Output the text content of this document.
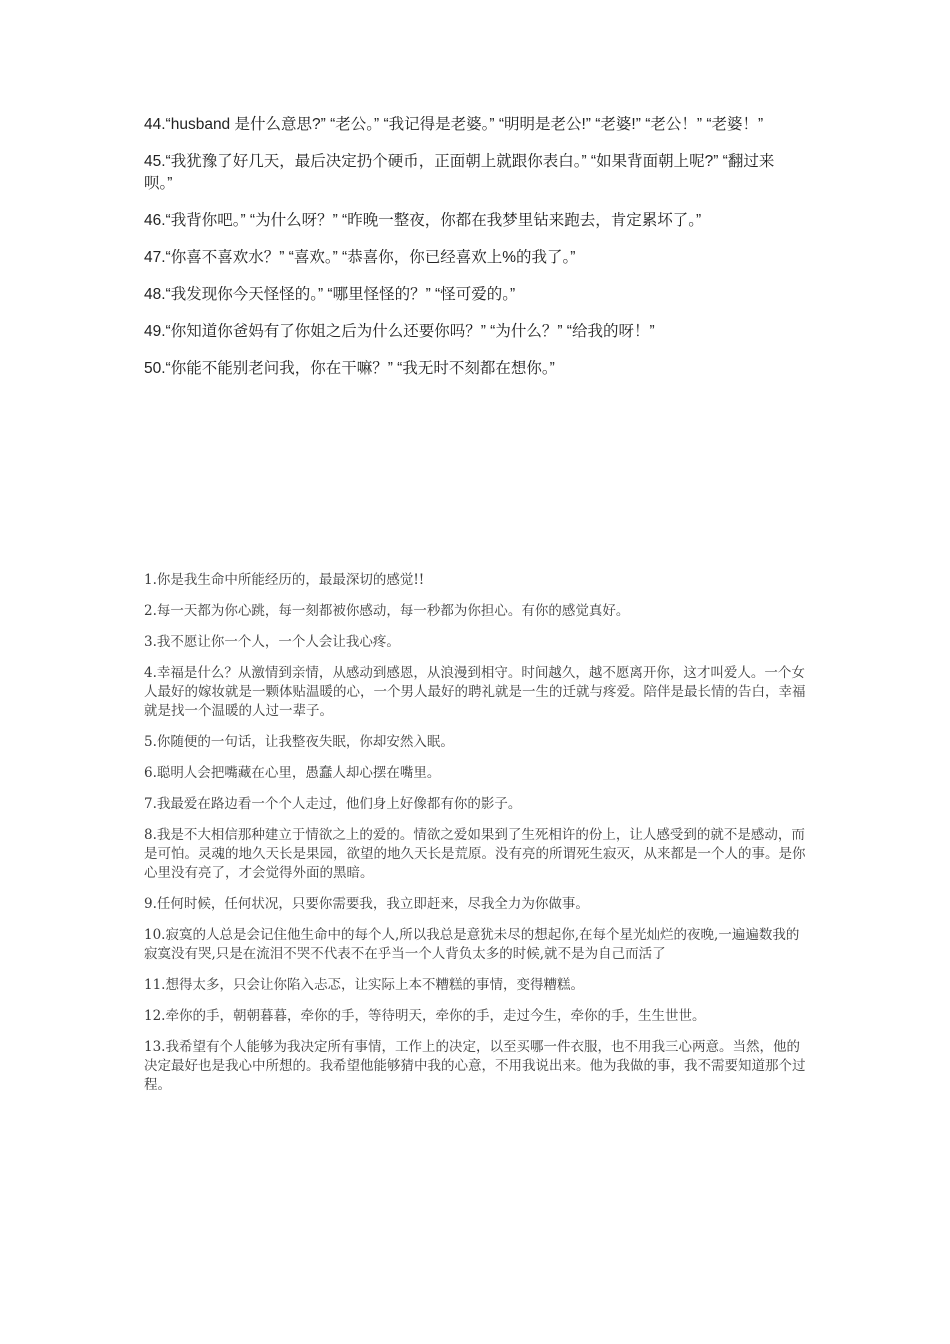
44.“husband 是什么意思?” “老公。” “我记得是老婆。” “明明是老公!” “老婆!” “老公！” “老婆！”

45.“我犹豫了好几天，最后决定扔个硬币，正面朝上就跟你表白。” “如果背面朝上呢?” “翻过来呗。”

46.“我背你吧。” “为什么呀？” “昨晚一整夜，你都在我梦里钻来跑去，肯定累坏了。”

47.“你喜不喜欢水？” “喜欢。” “恭喜你，你已经喜欢上%的我了。”

48.“我发现你今天怪怪的。” “哪里怪怪的？” “怪可爱的。”

49.“你知道你爸妈有了你姐之后为什么还要你吗？” “为什么？” “给我的呀！”

50.“你能不能别老问我，你在干嘛？” “我无时不刻都在想你。”

1.你是我生命中所能经历的，最最深切的感觉!!

2.每一天都为你心跳，每一刻都被你感动，每一秒都为你担心。有你的感觉真好。

3.我不愿让你一个人，一个人会让我心疼。

4.幸福是什么？从激情到亲情，从感动到感恩，从浪漫到相守。时间越久，越不愿离开你，这才叫爱人。一个女人最好的嫁妆就是一颗体贴温暖的心，一个男人最好的聘礼就是一生的迁就与疼爱。陪伴是最长情的告白，幸福就是找一个温暖的人过一辈子。

5.你随便的一句话，让我整夜失眠，你却安然入眠。

6.聪明人会把嘴藏在心里，愚蠢人却心摆在嘴里。

7.我最爱在路边看一个个人走过，他们身上好像都有你的影子。

8.我是不大相信那种建立于情欲之上的爱的。情欲之爱如果到了生死相许的份上，让人感受到的就不是感动，而是可怕。灵魂的地久天长是果园，欲望的地久天长是荒原。没有亮的所谓死生寂灭，从来都是一个人的事。是你心里没有亮了，才会觉得外面的黑暗。

9.任何时候，任何状况，只要你需要我，我立即赶来，尽我全力为你做事。

10.寂寞的人总是会记住他生命中的每个人,所以我总是意犹未尽的想起你,在每个星光灿烂的夜晚,一遍遍数我的寂寞没有哭,只是在流泪不哭不代表不在乎当一个人背负太多的时候,就不是为自己而活了

11.想得太多，只会让你陷入忐忑，让实际上本不糟糕的事情，变得糟糕。

12.牵你的手，朝朝暮暮，牵你的手，等待明天，牵你的手，走过今生，牵你的手，生生世世。

13.我希望有个人能够为我决定所有事情，工作上的决定，以至买哪一件衣服，也不用我三心两意。当然，他的决定最好也是我心中所想的。我希望他能够猜中我的心意，不用我说出来。他为我做的事，我不需要知道那个过程。
